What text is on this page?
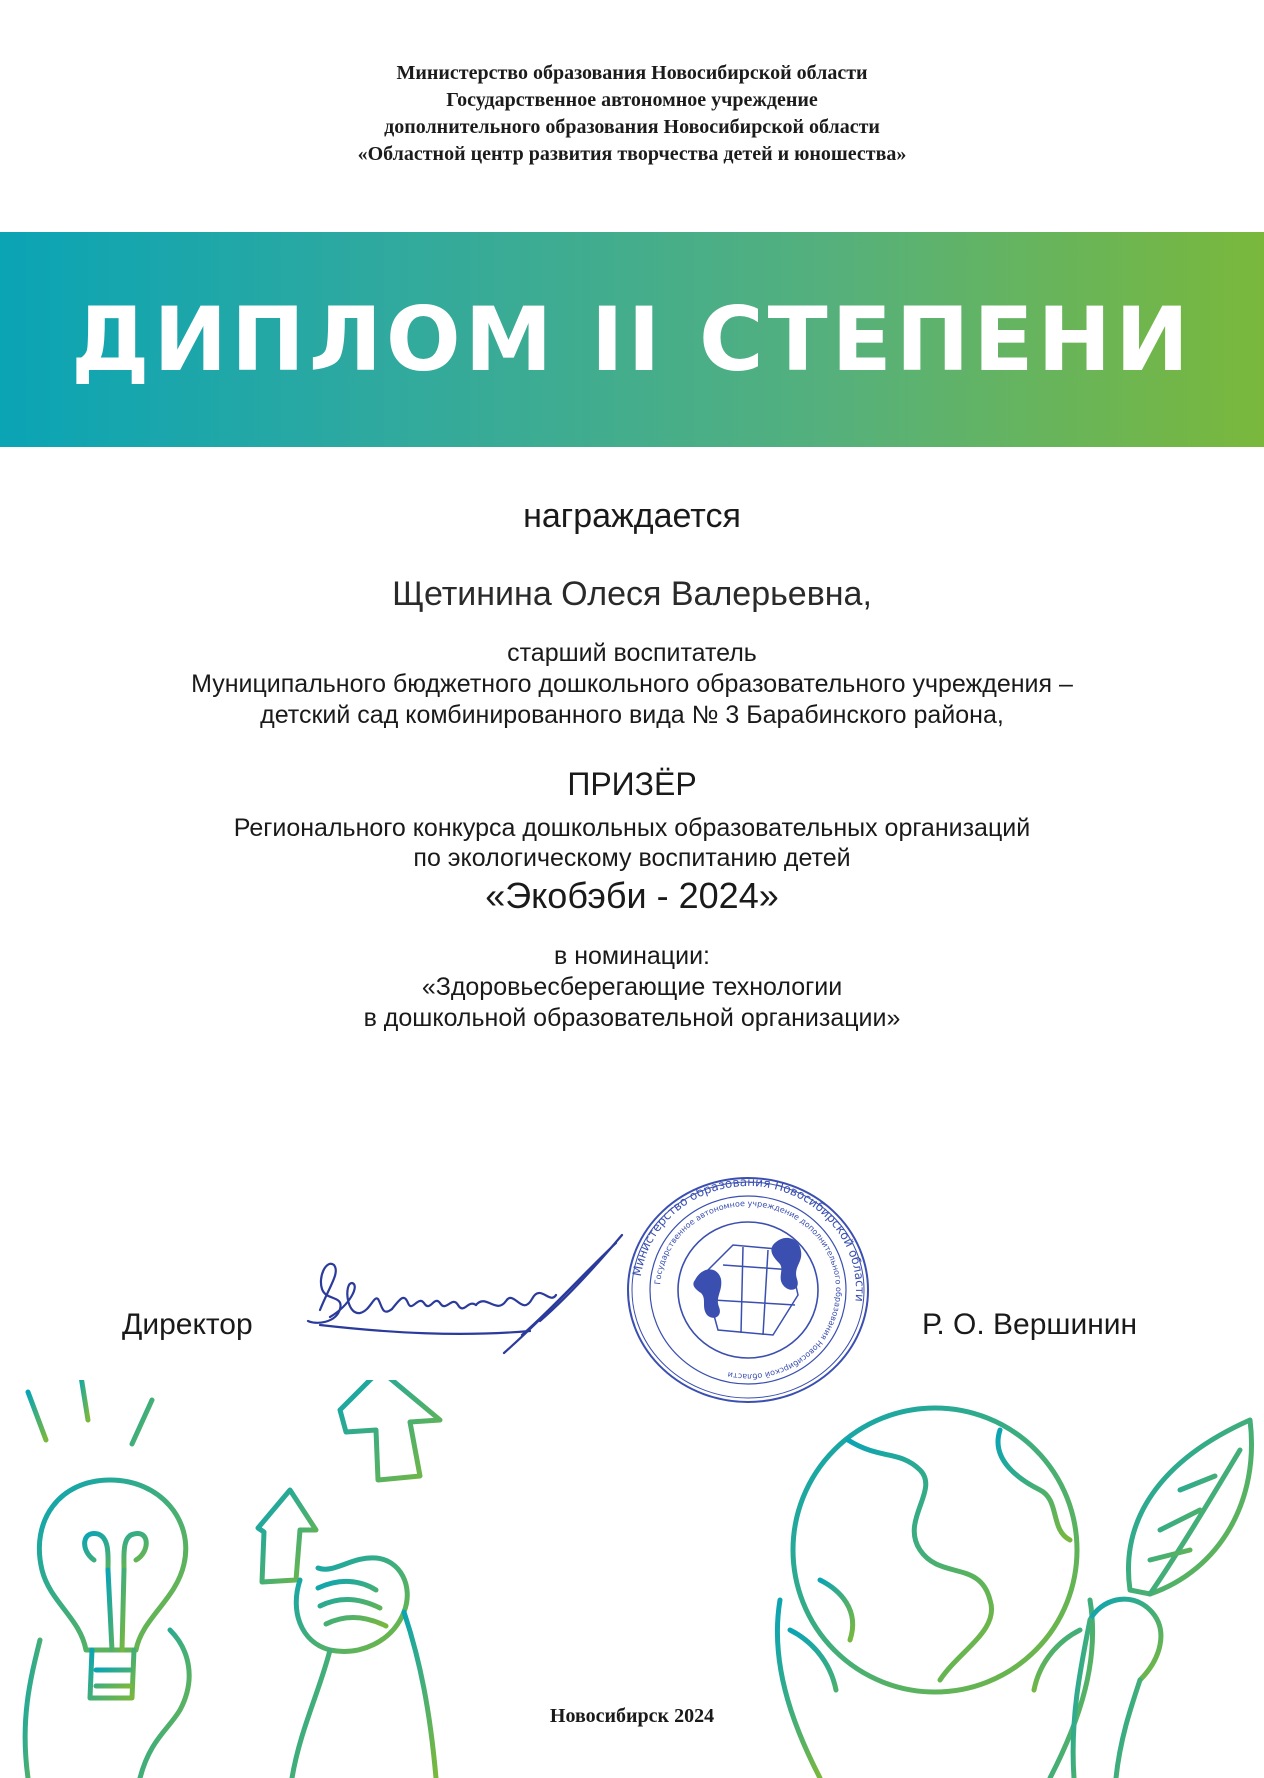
Министерство образования Новосибирской области
Государственное автономное учреждение
дополнительного образования Новосибирской области
«Областной центр развития творчества детей и юношества»
ДИПЛОМ II СТЕПЕНИ
награждается
Щетинина Олеся Валерьевна,
старший воспитатель
Муниципального бюджетного дошкольного образовательного учреждения –
детский сад комбинированного вида № 3 Барабинского района,
ПРИЗЁР
Регионального конкурса дошкольных образовательных организаций
по экологическому воспитанию детей
«Экобэби - 2024»
в номинации:
«Здоровьесберегающие технологии
в дошкольной образовательной организации»
Директор
Министерство образования Новосибирской области
Государственное автономное учреждение дополнительного образования Новосибирской области
Р. О. Вершинин
Новосибирск 2024
